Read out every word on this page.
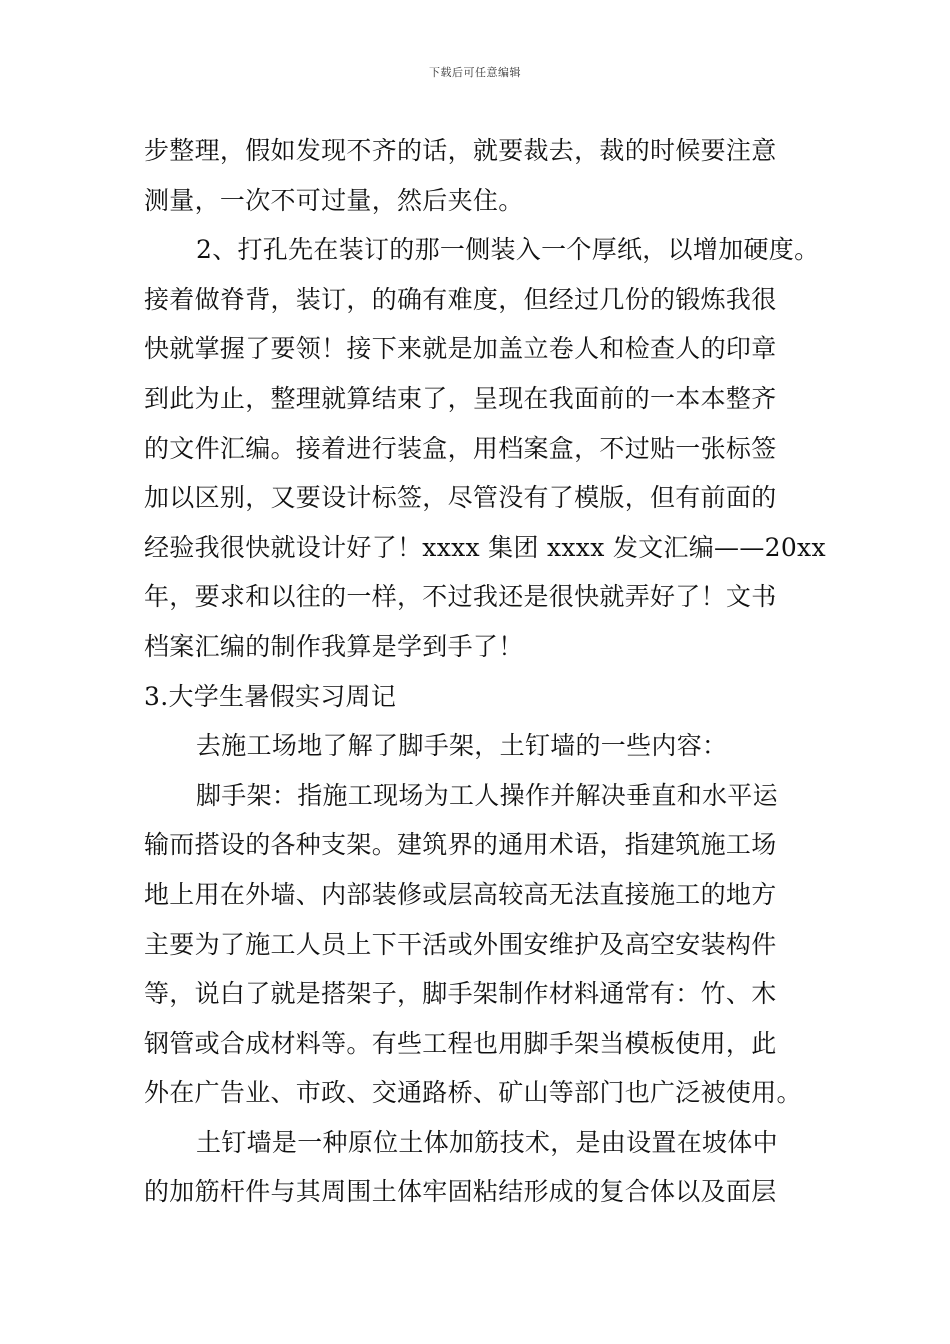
下载后可任意编辑
步整理，假如发现不齐的话，就要裁去，裁的时候要注意
测量，一次不可过量，然后夹住。
2、打孔先在装订的那一侧装入一个厚纸，以增加硬度。
接着做脊背，装订，的确有难度，但经过几份的锻炼我很
快就掌握了要领！接下来就是加盖立卷人和检查人的印章
到此为止，整理就算结束了，呈现在我面前的一本本整齐
的文件汇编。接着进行装盒，用档案盒，不过贴一张标签
加以区别，又要设计标签，尽管没有了模版，但有前面的
经验我很快就设计好了！xxxx 集团 xxxx 发文汇编——20xx
年，要求和以往的一样，不过我还是很快就弄好了！文书
档案汇编的制作我算是学到手了！
3.大学生暑假实习周记
去施工场地了解了脚手架，土钉墙的一些内容：
脚手架：指施工现场为工人操作并解决垂直和水平运
输而搭设的各种支架。建筑界的通用术语，指建筑施工场
地上用在外墙、内部装修或层高较高无法直接施工的地方
主要为了施工人员上下干活或外围安维护及高空安装构件
等，说白了就是搭架子，脚手架制作材料通常有：竹、木
钢管或合成材料等。有些工程也用脚手架当模板使用，此
外在广告业、市政、交通路桥、矿山等部门也广泛被使用。
土钉墙是一种原位土体加筋技术，是由设置在坡体中
的加筋杆件与其周围土体牢固粘结形成的复合体以及面层
